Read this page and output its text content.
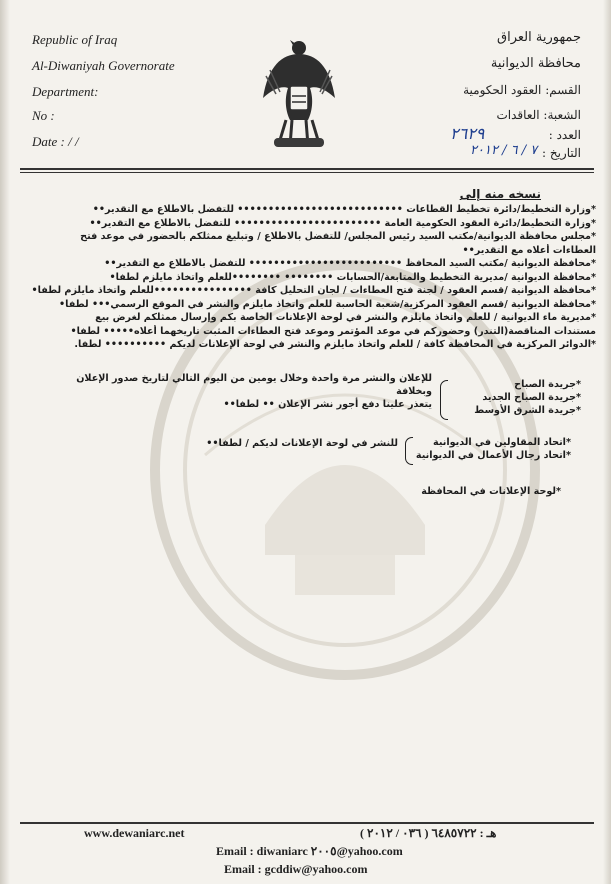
Republic of Iraq
Al-Diwaniyah Governorate
Department:
No :
Date : / /
جمهورية العراق
محافظة الديوانية
القسم: العقود الحكومية
الشعبة: العاقدات
العدد :
التاريخ :
٢٦٢٩
٧ / ٦ / ٢٠١٢
نسخه منه إلى
*وزارة التخطيط/دائرة تخطيط القطاعات ••••••••••••••••••••••••••• للتفضل بالاطلاع مع التقدير••
*وزارة التخطيط/دائرة العقود الحكومية العامة •••••••••••••••••••••••• للتفضل بالاطلاع مع التقدير••
*مجلس محافظة الديوانية/مكتب السيد رئيس المجلس/ للتفضل بالاطلاع / وتبليغ ممثلكم بالحضور في موعد فتح
العطاءات أعلاه مع التقدير••
*محافظة الديوانية /مكتب السيد المحافظ ••••••••••••••••••••••••• للتفضل بالاطلاع مع التقدير••
*محافظة الديوانية /مديرية التخطيط والمتابعة/الحسابات •••••••• ••••••••للعلم واتخاذ مايلزم لطفا•
*محافظة الديوانية /قسم العقود / لجنة فتح العطاءات / لجان التحليل كافة ••••••••••••••••للعلم واتخاذ مايلزم لطفا•
*محافظة الديوانية /قسم العقود المركزية/شعبة الحاسبة للعلم واتخاذ مايلزم والنشر في الموقع الرسمي••• لطفا•
*مديرية ماء الديوانية / للعلم واتخاذ مايلزم والنشر في لوحة الإعلانات الخاصة بكم وإرسال ممثلكم لغرض بيع
مستندات المناقصة(التندر) وحضوركم في موعد المؤتمر وموعد فتح العطاءات المثبت تاريخهما أعلاه••••• لطفا•
*الدوائر المركزية في المحافظة كافة / للعلم واتخاذ مايلزم والنشر في لوحة الإعلانات لديكم •••••••••• لطفا.
*جريدة الصباح
*جريدة الصباح الجديد
*جريدة الشرق الأوسط
للإعلان والنشر مرة واحدة وخلال يومين من اليوم التالي لتاريخ صدور الإعلان وبخلافة
يتعذر علينا دفع أجور نشر الإعلان •• لطفا••
*اتحاد المقاولين في الديوانية
*اتحاد رجال الأعمال في الديوانية
للنشر في لوحة الإعلانات لديكم / لطفا••
*لوحة الإعلانات في المحافظة
www.dewaniarc.net	هـ : ٦٤٨٥٧٢٢ ( ٠٣٦ / ٢٠١٢ )
Email : diwaniarc ٢٠٠٥@yahoo.com
Email : gcddiw@yahoo.com
